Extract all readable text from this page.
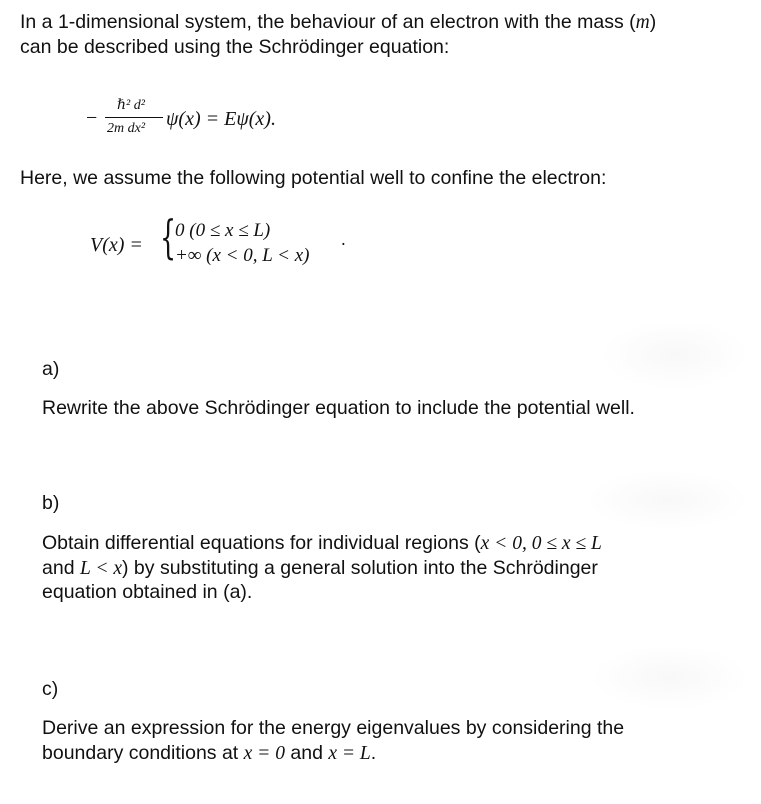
In a 1-dimensional system, the behaviour of an electron with the mass (m)
can be described using the Schrödinger equation:
−
ℏ² d²
2m dx² ψ(x) = Eψ(x).
Here, we assume the following potential well to confine the electron:
V(x) = {
0 (0 ≤ x ≤ L)
+∞ (x < 0, L < x) ˙
a)
Rewrite the above Schrödinger equation to include the potential well.
b)
Obtain differential equations for individual regions (x < 0, 0 ≤ x ≤ L
and L < x) by substituting a general solution into the Schrödinger
equation obtained in (a).
c)
Derive an expression for the energy eigenvalues by considering the
boundary conditions at x = 0 and x = L.
